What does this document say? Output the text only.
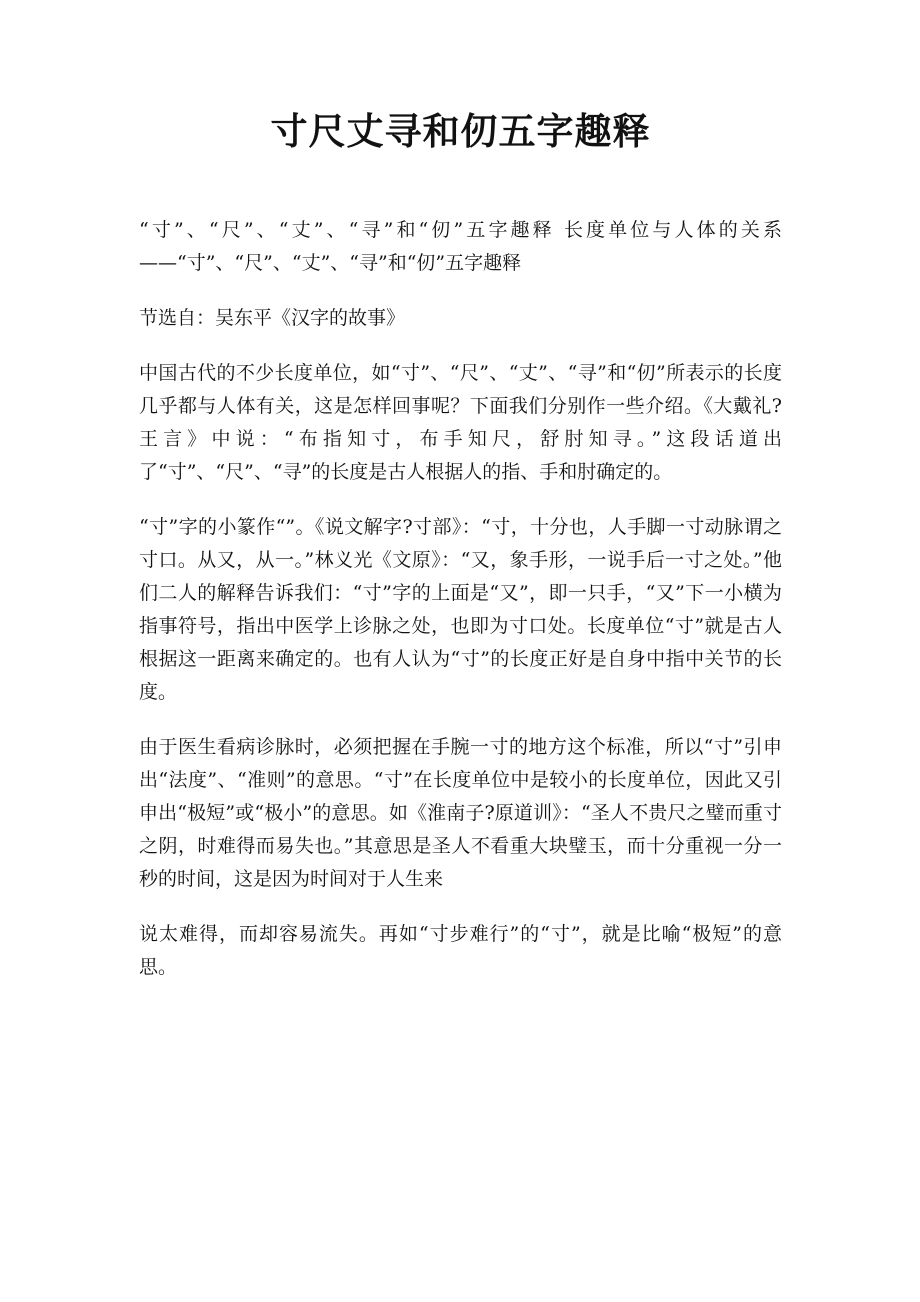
寸尺丈寻和仞五字趣释

“寸”、“尺”、“丈”、“寻”和“仞”五字趣释 长度单位与人体的关系——“寸”、“尺”、“丈”、“寻”和“仞”五字趣释

节选自：吴东平《汉字的故事》

中国古代的不少长度单位，如“寸”、“尺”、“丈”、“寻”和“仞”所表示的长度几乎都与人体有关，这是怎样回事呢？下面我们分别作一些介绍。《大戴礼?王言》中说：“布指知寸，布手知尺，舒肘知寻。”这段话道出了“寸”、“尺”、“寻”的长度是古人根据人的指、手和肘确定的。

“寸”字的小篆作“”。《说文解字?寸部》：“寸，十分也，人手脚一寸动脉谓之寸口。从又，从一。”林义光《文原》：“又，象手形，一说手后一寸之处。”他们二人的解释告诉我们：“寸”字的上面是“又”，即一只手，“又”下一小横为指事符号，指出中医学上诊脉之处，也即为寸口处。长度单位“寸”就是古人根据这一距离来确定的。也有人认为“寸”的长度正好是自身中指中关节的长度。

由于医生看病诊脉时，必须把握在手腕一寸的地方这个标准，所以“寸”引申出“法度”、“准则”的意思。“寸”在长度单位中是较小的长度单位，因此又引申出“极短”或“极小”的意思。如《淮南子?原道训》：“圣人不贵尺之璧而重寸之阴，时难得而易失也。”其意思是圣人不看重大块璧玉，而十分重视一分一秒的时间，这是因为时间对于人生来

说太难得，而却容易流失。再如“寸步难行”的“寸”，就是比喻“极短”的意思。
